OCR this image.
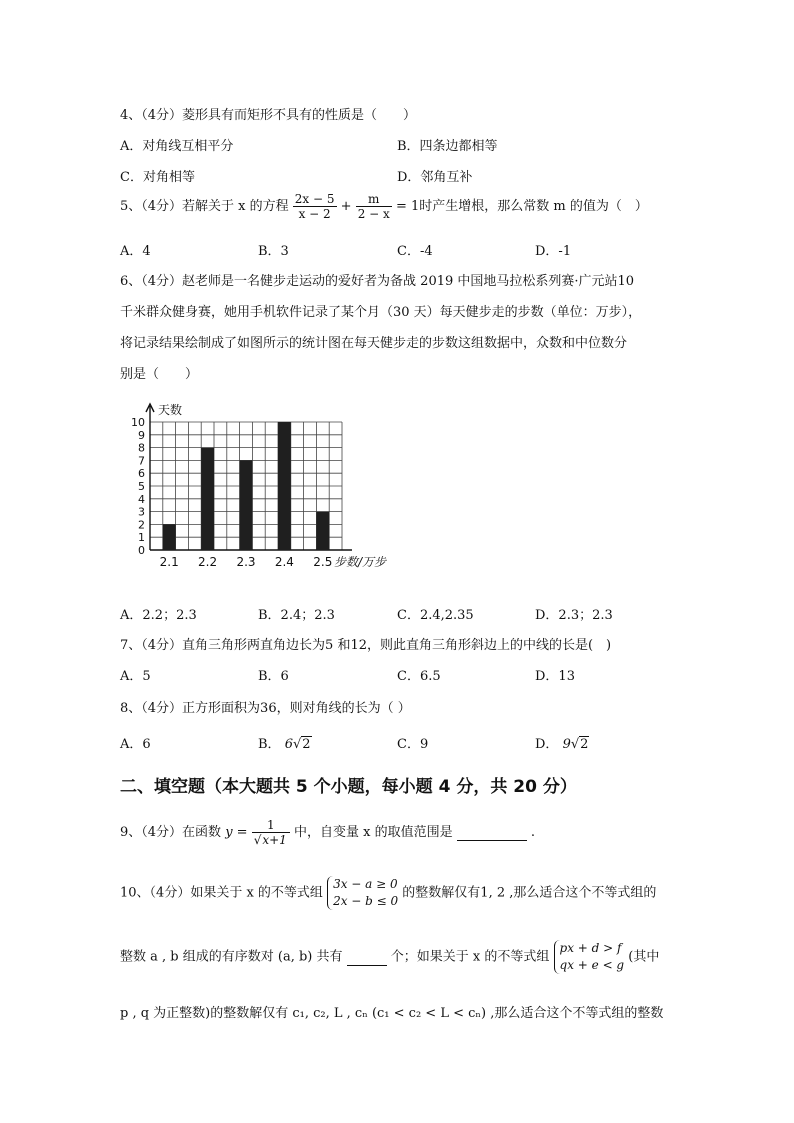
4、（4分）菱形具有而矩形不具有的性质是（　　）
A．对角线互相平分	B．四条边都相等
C．对角相等	D．邻角互补
5、（4分）若解关于 x 的方程 $\frac{2x - 5}{x - 2} + \frac{m}{2 - x} = 1$时产生增根，那么常数 m 的值为（　）
A．4	B．3	C．-4	D．-1
6、（4分）赵老师是一名健步走运动的爱好者为备战 2019 中国地马拉松系列赛·广元站10
千米群众健身赛，她用手机软件记录了某个月（30 天）每天健步走的步数（单位：万步），
将记录结果绘制成了如图所示的统计图在每天健步走的步数这组数据中，众数和中位数分
别是（　　）
0
1
2
3
4
5
6
7
8
9
10
天数
2.1 2.2 2.3 2.4 2.5 步数/万步
A．2.2；2.3	B．2.4；2.3	C．2.4,2.35	D．2.3；2.3
7、（4分）直角三角形两直角边长为5 和12，则此直角三角形斜边上的中线的长是(　)
A．5	B．6	C．6.5	D．13
8、（4分）正方形面积为36，则对角线的长为（ ）
A．6	B． 6√2	C．9	D． 9√2
二、填空题（本大题共 5 个小题，每小题 4 分，共 20 分）
9、（4分）在函数 $y = \frac{1}{√x+1}$ 中，自变量 x 的取值范围是	.
10、（4分）如果关于 x 的不等式组
3x − a ≥ 0
2x − b ≤ 0
的整数解仅有1, 2 ,那么适合这个不等式组的
整数 a , b 组成的有序数对 (a, b) 共有	个；如果关于 x 的不等式组
px + d > f
qx + e < g
(其中
p , q 为正整数)的整数解仅有 c₁, c₂, L , cₙ (c₁ < c₂ < L < cₙ) ,那么适合这个不等式组的整数
